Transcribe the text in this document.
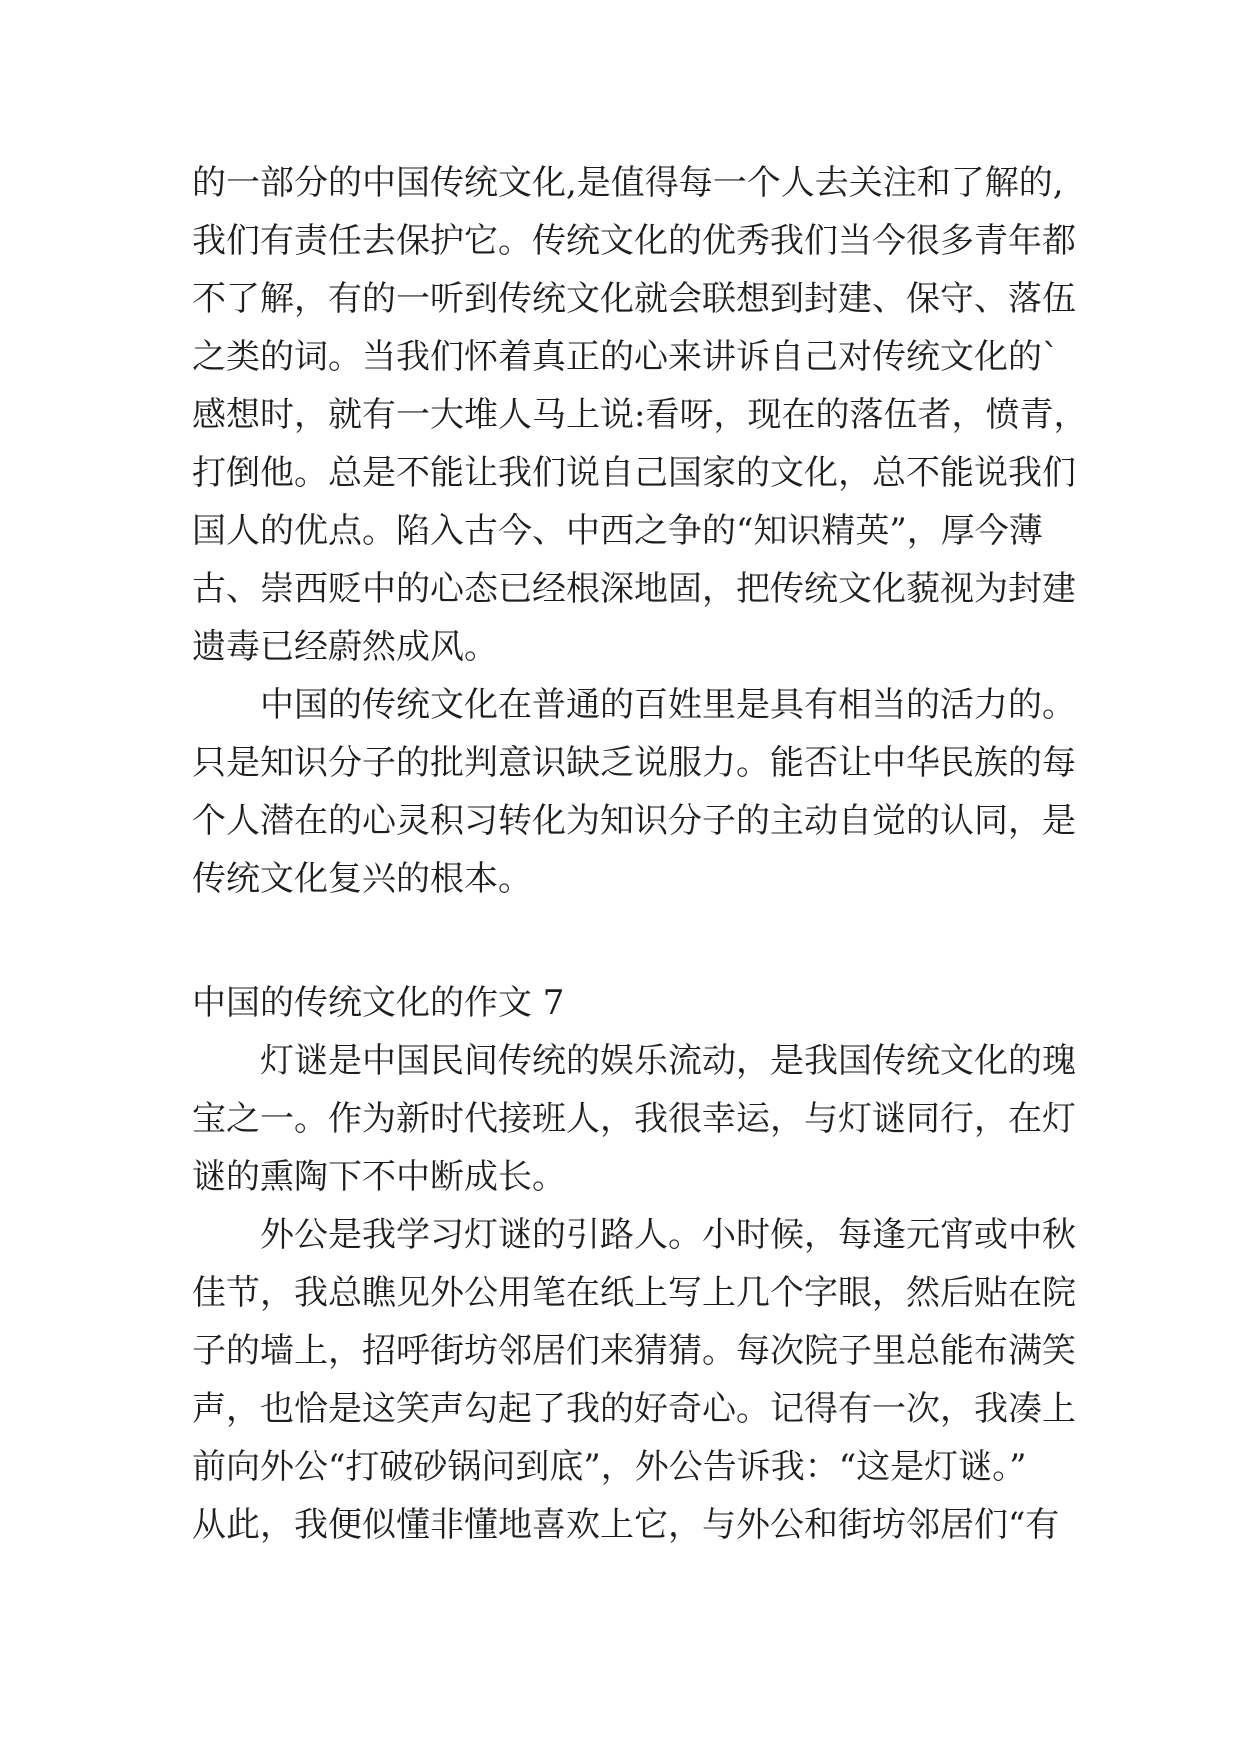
的一部分的中国传统文化,是值得每一个人去关注和了解的,
我们有责任去保护它。传统文化的优秀我们当今很多青年都
不了解，有的一听到传统文化就会联想到封建、保守、落伍
之类的词。当我们怀着真正的心来讲诉自己对传统文化的`
感想时，就有一大堆人马上说:看呀，现在的落伍者，愤青，
打倒他。总是不能让我们说自己国家的文化，总不能说我们
国人的优点。陷入古今、中西之争的“知识精英”，厚今薄
古、崇西贬中的心态已经根深地固，把传统文化藐视为封建
遗毒已经蔚然成风。
　　中国的传统文化在普通的百姓里是具有相当的活力的。
只是知识分子的批判意识缺乏说服力。能否让中华民族的每
个人潜在的心灵积习转化为知识分子的主动自觉的认同，是
传统文化复兴的根本。
中国的传统文化的作文 7
　　灯谜是中国民间传统的娱乐流动，是我国传统文化的瑰
宝之一。作为新时代接班人，我很幸运，与灯谜同行，在灯
谜的熏陶下不中断成长。
　　外公是我学习灯谜的引路人。小时候，每逢元宵或中秋
佳节，我总瞧见外公用笔在纸上写上几个字眼，然后贴在院
子的墙上，招呼街坊邻居们来猜猜。每次院子里总能布满笑
声，也恰是这笑声勾起了我的好奇心。记得有一次，我凑上
前向外公“打破砂锅问到底”，外公告诉我：“这是灯谜。”
从此，我便似懂非懂地喜欢上它，与外公和街坊邻居们“有
